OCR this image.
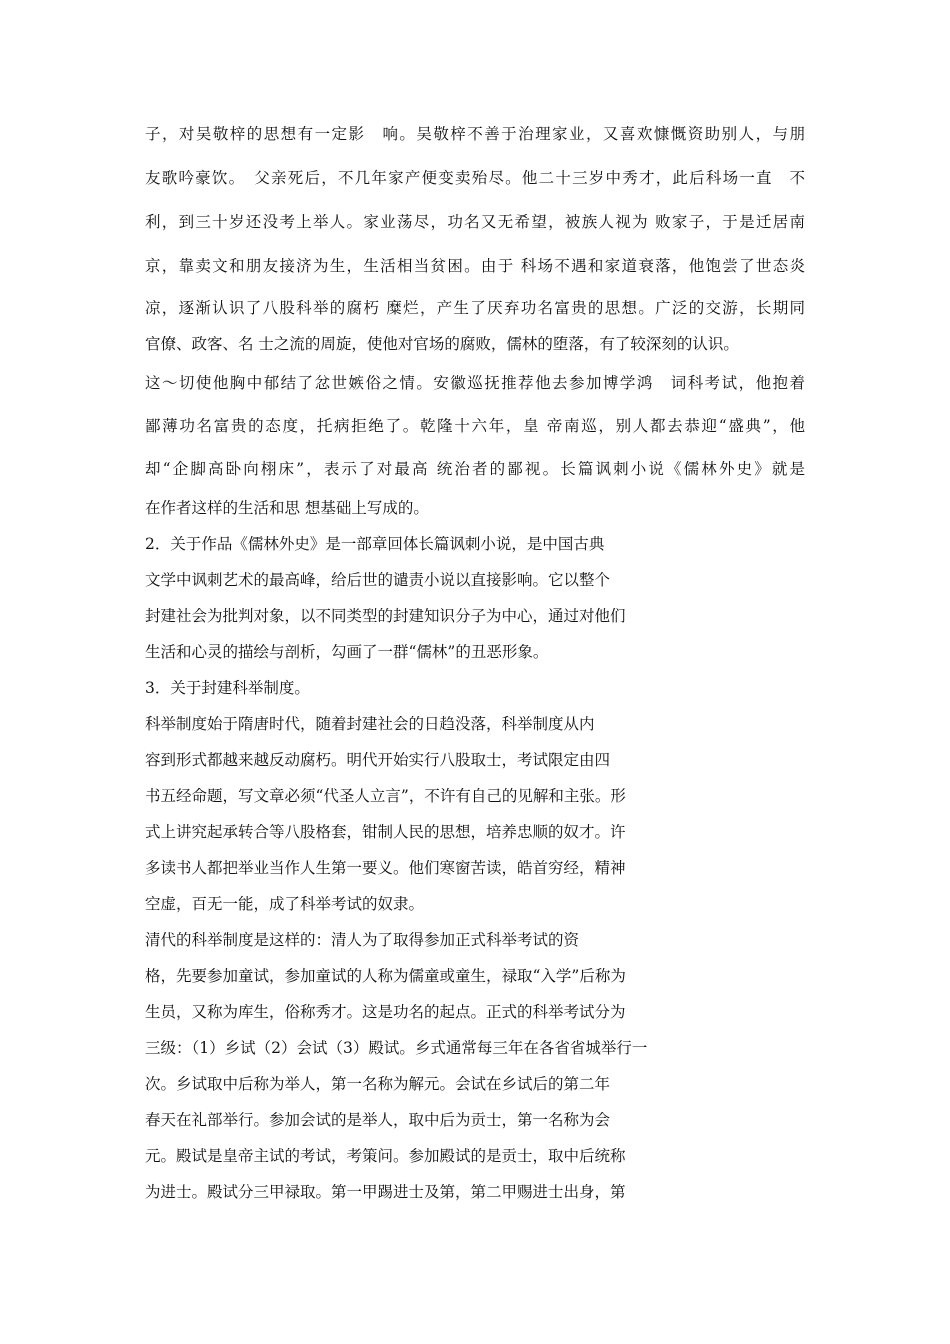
子，对吴敬梓的思想有一定影　响。吴敬梓不善于治理家业，又喜欢慷慨资助别人，与朋

友歌吟豪饮。　父亲死后，不几年家产便变卖殆尽。他二十三岁中秀才，此后科场一直　不

利，到三十岁还没考上举人。家业荡尽，功名又无希望，被族人视为 败家子，于是迁居南

京，靠卖文和朋友接济为生，生活相当贫困。由于 科场不遇和家道衰落，他饱尝了世态炎

凉，逐渐认识了八股科举的腐朽 糜烂，产生了厌弃功名富贵的思想。广泛的交游，长期同

官僚、政客、名 士之流的周旋，使他对官场的腐败，儒林的堕落，有了较深刻的认识。

这～切使他胸中郁结了忿世嫉俗之情。安徽巡抚推荐他去参加博学鸿　词科考试，他抱着

鄙薄功名富贵的态度，托病拒绝了。乾隆十六年，皇 帝南巡，别人都去恭迎“盛典”，他

却“企脚高卧向栩床”，表示了对最高 统治者的鄙视。长篇讽刺小说《儒林外史》就是

在作者这样的生活和思 想基础上写成的。

2．关于作品《儒林外史》是一部章回体长篇讽刺小说，是中国古典

文学中讽刺艺术的最高峰，给后世的谴责小说以直接影响。它以整个

封建社会为批判对象，以不同类型的封建知识分子为中心，通过对他们

生活和心灵的描绘与剖析，勾画了一群“儒林”的丑恶形象。

3．关于封建科举制度。

科举制度始于隋唐时代，随着封建社会的日趋没落，科举制度从内

容到形式都越来越反动腐朽。明代开始实行八股取士，考试限定由四

书五经命题，写文章必须“代圣人立言”，不许有自己的见解和主张。形

式上讲究起承转合等八股格套，钳制人民的思想，培养忠顺的奴才。许

多读书人都把举业当作人生第一要义。他们寒窗苦读，皓首穷经，精神

空虚，百无一能，成了科举考试的奴隶。

清代的科举制度是这样的：清人为了取得参加正式科举考试的资

格，先要参加童试，参加童试的人称为儒童或童生，禄取“入学”后称为

生员，又称为库生，俗称秀才。这是功名的起点。正式的科举考试分为

三级：（1）乡试（2）会试（3）殿试。乡式通常每三年在各省省城举行一

次。乡试取中后称为举人，第一名称为解元。会试在乡试后的第二年

春天在礼部举行。参加会试的是举人，取中后为贡士，第一名称为会

元。殿试是皇帝主试的考试，考策问。参加殿试的是贡士，取中后统称

为进士。殿试分三甲禄取。第一甲踢进士及第，第二甲赐进士出身，第
